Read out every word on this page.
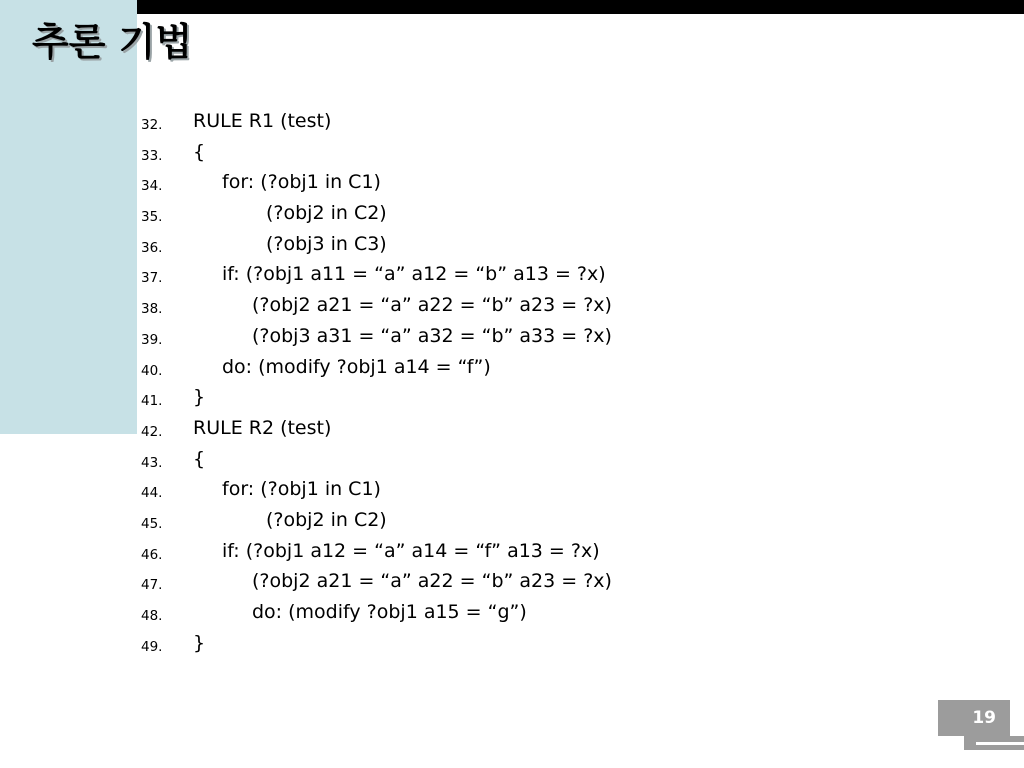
추론 기법
32. RULE R1 (test)
33. {
34.	for: (?obj1 in C1)
35.	(?obj2 in C2)
36.	(?obj3 in C3)
37.	if: (?obj1 a11 = “a” a12 = “b” a13 = ?x)
38.	(?obj2 a21 = “a” a22 = “b” a23 = ?x)
39.	(?obj3 a31 = “a” a32 = “b” a33 = ?x)
40.	do: (modify ?obj1 a14 = “f”)
41. }
42. RULE R2 (test)
43. {
44.	for: (?obj1 in C1)
45.	(?obj2 in C2)
46.	if: (?obj1 a12 = “a” a14 = “f” a13 = ?x)
47.	(?obj2 a21 = “a” a22 = “b” a23 = ?x)
48.	do: (modify ?obj1 a15 = “g”)
49. }
19
